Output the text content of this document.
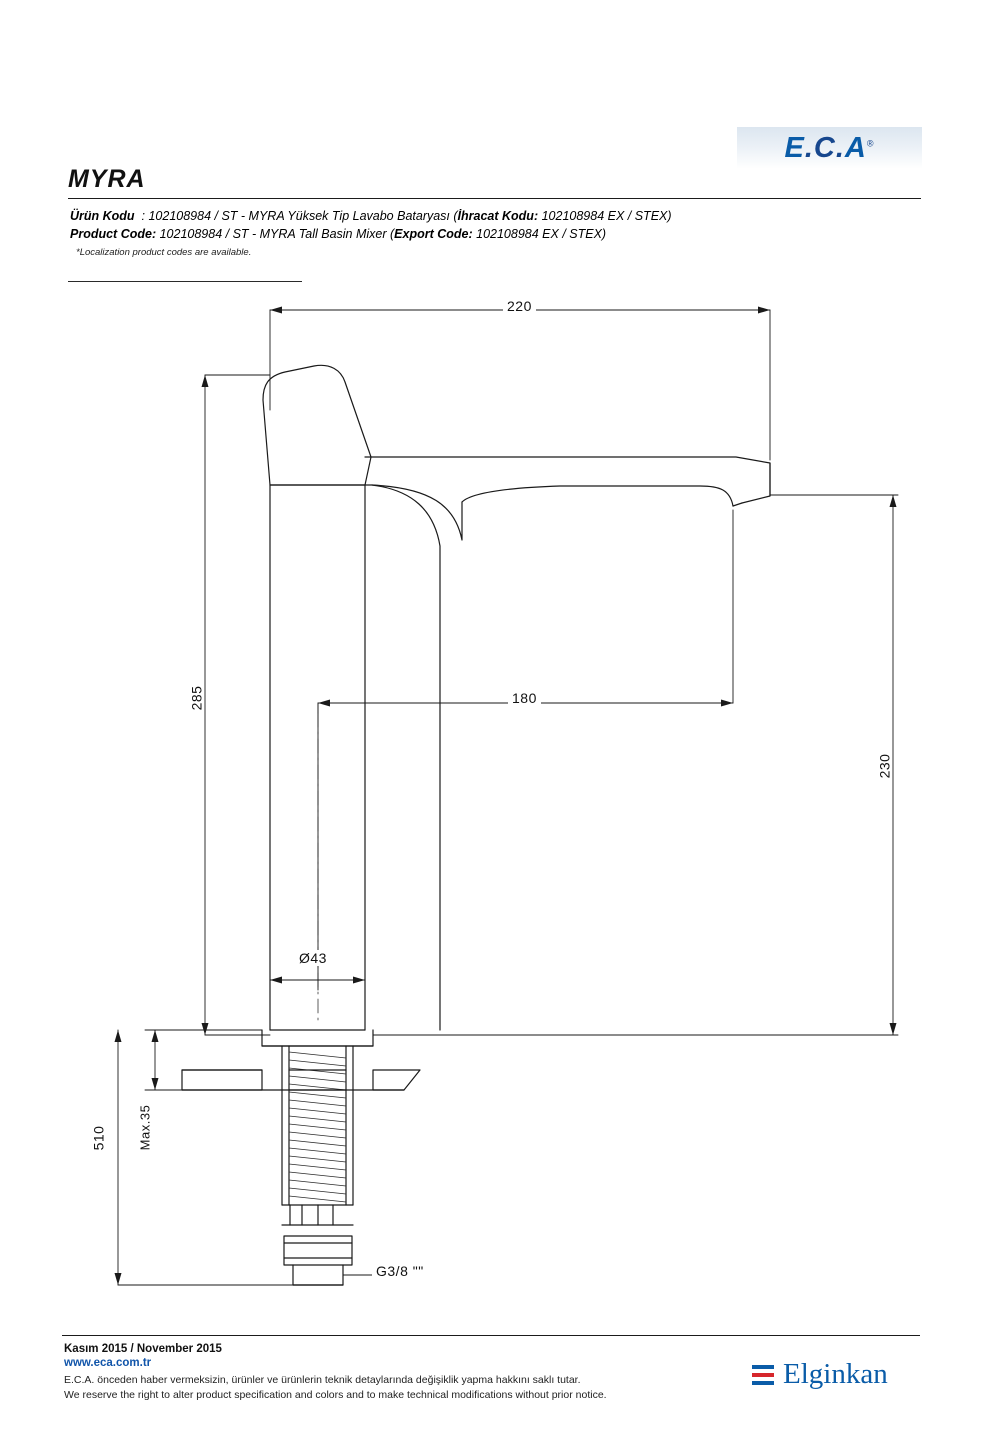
E.C.A®
MYRA
Ürün Kodu  : 102108984 / ST - MYRA Yüksek Tip Lavabo Bataryası (İhracat Kodu: 102108984 EX / STEX)
Product Code: 102108984 / ST - MYRA Tall Basin Mixer (Export Code: 102108984 EX / STEX)
*Localization product codes are available.
220
285	180
230
Ø43
Max.35
510
G3/8 ""
Kasım 2015 / November 2015
www.eca.com.tr
E.C.A. önceden haber vermeksizin, ürünler ve ürünlerin teknik detaylarında değişiklik yapma hakkını saklı tutar.
We reserve the right to alter product specification and colors and to make technical modifications without prior notice.
Elginkan
